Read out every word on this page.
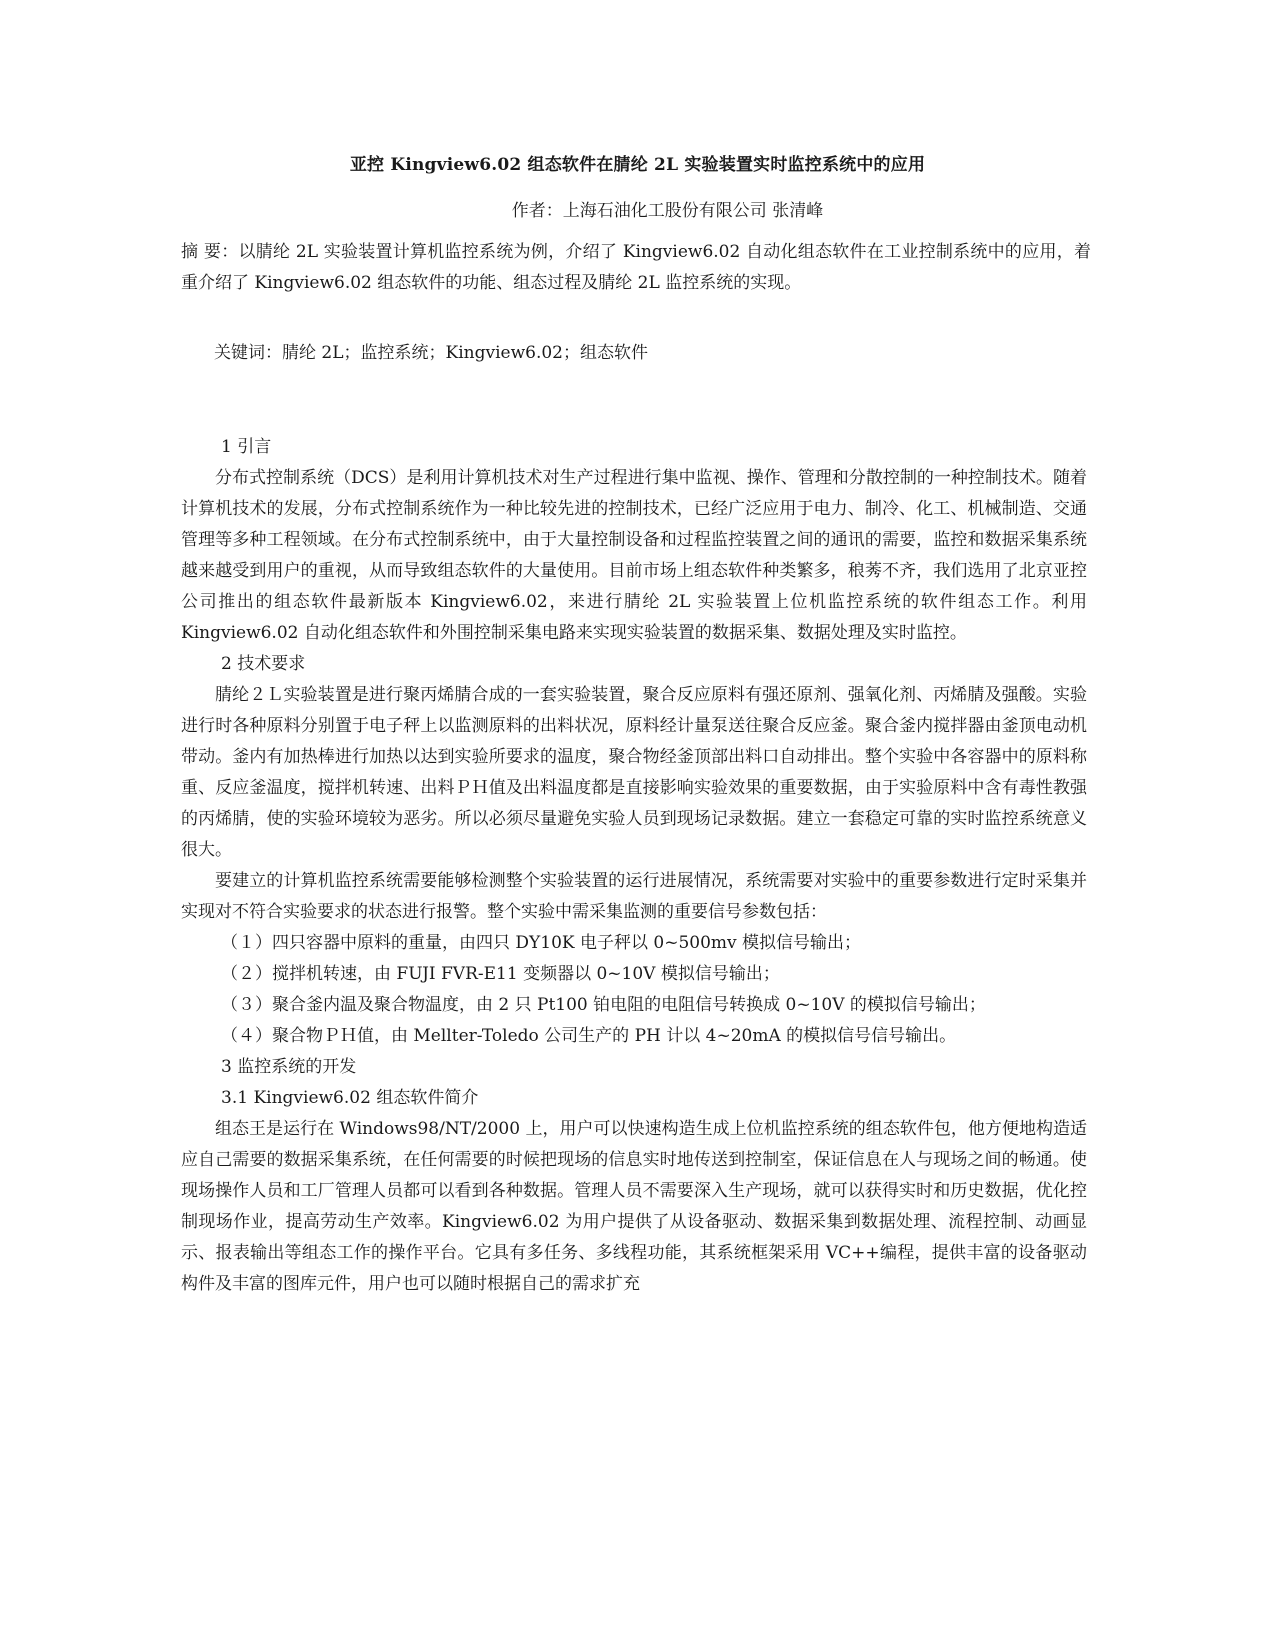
亚控 Kingview6.02 组态软件在腈纶 2L 实验装置实时监控系统中的应用
作者：上海石油化工股份有限公司 张清峰
摘 要：以腈纶 2L 实验装置计算机监控系统为例，介绍了 Kingview6.02 自动化组态软件在工业控制系统中的应用，着重介绍了 Kingview6.02 组态软件的功能、组态过程及腈纶 2L 监控系统的实现。
关键词：腈纶 2L；监控系统；Kingview6.02；组态软件

1 引言

分布式控制系统（DCS）是利用计算机技术对生产过程进行集中监视、操作、管理和分散控制的一种控制技术。随着计算机技术的发展，分布式控制系统作为一种比较先进的控制技术，已经广泛应用于电力、制冷、化工、机械制造、交通管理等多种工程领域。在分布式控制系统中，由于大量控制设备和过程监控装置之间的通讯的需要，监控和数据采集系统越来越受到用户的重视，从而导致组态软件的大量使用。目前市场上组态软件种类繁多，稂莠不齐，我们选用了北京亚控公司推出的组态软件最新版本 Kingview6.02，来进行腈纶 2L 实验装置上位机监控系统的软件组态工作。利用 Kingview6.02 自动化组态软件和外围控制采集电路来实现实验装置的数据采集、数据处理及实时监控。

2 技术要求

腈纶２Ｌ实验装置是进行聚丙烯腈合成的一套实验装置，聚合反应原料有强还原剂、强氧化剂、丙烯腈及强酸。实验进行时各种原料分别置于电子秤上以监测原料的出料状况，原料经计量泵送往聚合反应釜。聚合釜内搅拌器由釜顶电动机带动。釜内有加热棒进行加热以达到实验所要求的温度，聚合物经釜顶部出料口自动排出。整个实验中各容器中的原料称重、反应釜温度，搅拌机转速、出料ＰＨ值及出料温度都是直接影响实验效果的重要数据，由于实验原料中含有毒性教强的丙烯腈，使的实验环境较为恶劣。所以必须尽量避免实验人员到现场记录数据。建立一套稳定可靠的实时监控系统意义很大。

要建立的计算机监控系统需要能够检测整个实验装置的运行进展情况，系统需要对实验中的重要参数进行定时采集并实现对不符合实验要求的状态进行报警。整个实验中需采集监测的重要信号参数包括：

（１）四只容器中原料的重量，由四只 DY10K 电子秤以 0~500mv 模拟信号输出；

（２）搅拌机转速，由 FUJI FVR-E11 变频器以 0~10V 模拟信号输出；

（３）聚合釜内温及聚合物温度，由 2 只 Pt100 铂电阻的电阻信号转换成 0~10V 的模拟信号输出；

（４）聚合物ＰＨ值，由 Mellter-Toledo 公司生产的 PH 计以 4~20mA 的模拟信号信号输出。

3 监控系统的开发

3.1 Kingview6.02 组态软件简介

组态王是运行在 Windows98/NT/2000 上，用户可以快速构造生成上位机监控系统的组态软件包，他方便地构造适应自己需要的数据采集系统，在任何需要的时候把现场的信息实时地传送到控制室，保证信息在人与现场之间的畅通。使现场操作人员和工厂管理人员都可以看到各种数据。管理人员不需要深入生产现场，就可以获得实时和历史数据，优化控制现场作业，提高劳动生产效率。Kingview6.02 为用户提供了从设备驱动、数据采集到数据处理、流程控制、动画显示、报表输出等组态工作的操作平台。它具有多任务、多线程功能，其系统框架采用 VC++编程，提供丰富的设备驱动构件及丰富的图库元件，用户也可以随时根据自己的需求扩充
